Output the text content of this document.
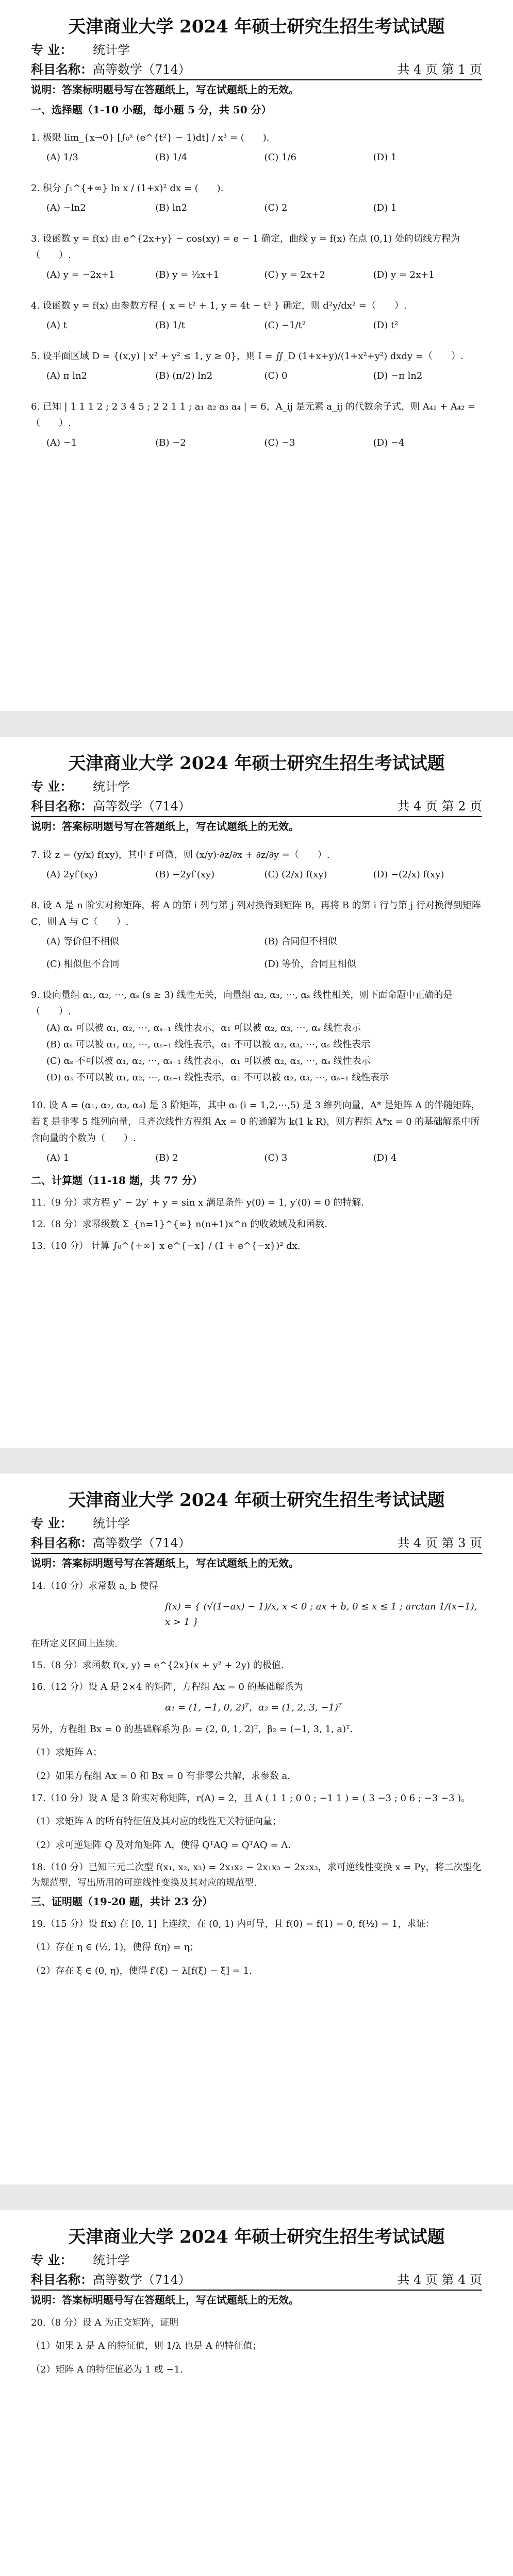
天津商业大学 2024 年硕士研究生招生考试试题
专 业：	统计学
科目名称： 高等数学（714）	共 4 页 第 1 页
说明：答案标明题号写在答题纸上，写在试题纸上的无效。
一、选择题（1-10 小题，每小题 5 分，共 50 分）
1. 极限 lim_{x→0} [∫₀ˣ (e^{t²} − 1)dt] / x³ = (　　).
(A) 1/3	(B) 1/4	(C) 1/6	(D) 1
2. 积分 ∫₁^{+∞} ln x / (1+x)² dx = (　　).
(A) −ln2	(B) ln2	(C) 2	(D) 1
3. 设函数 y = f(x) 由 e^{2x+y} − cos(xy) = e − 1 确定，曲线 y = f(x) 在点 (0,1) 处的切线方程为（　　）.
(A) y = −2x+1	(B) y = ½x+1	(C) y = 2x+2	(D) y = 2x+1
4. 设函数 y = f(x) 由参数方程 { x = t² + 1, y = 4t − t² } 确定，则 d²y/dx² =（　　）.
(A) t	(B) 1/t	(C) −1/t²	(D) t²
5. 设平面区域 D = {(x,y) | x² + y² ≤ 1, y ≥ 0}，则 I = ∬_D (1+x+y)/(1+x²+y²) dxdy =（　　）.
(A) π ln2	(B) (π/2) ln2	(C) 0	(D) −π ln2
6. 已知 | 1 1 1 2 ; 2 3 4 5 ; 2 2 1 1 ; a₁ a₂ a₃ a₄ | = 6，A_ij 是元素 a_ij 的代数余子式，则 A₄₁ + A₄₂ =（　　）.
(A) −1	(B) −2	(C) −3	(D) −4
天津商业大学 2024 年硕士研究生招生考试试题
专 业：	统计学
科目名称： 高等数学（714）	共 4 页 第 2 页
说明：答案标明题号写在答题纸上，写在试题纸上的无效。
7. 设 z = (y/x) f(xy)，其中 f 可微，则 (x/y)·∂z/∂x + ∂z/∂y =（　　）.
(A) 2yf′(xy)	(B) −2yf′(xy)	(C) (2/x) f(xy)	(D) −(2/x) f(xy)
8. 设 A 是 n 阶实对称矩阵，将 A 的第 i 列与第 j 列对换得到矩阵 B，再将 B 的第 i 行与第 j 行对换得到矩阵 C，则 A 与 C（　　）.
(A) 等价但不相似	(B) 合同但不相似
(C) 相似但不合同	(D) 等价，合同且相似
9. 设向量组 α₁, α₂, ⋯, αₛ (s ≥ 3) 线性无关，向量组 α₂, α₃, ⋯, αₛ 线性相关，则下面命题中正确的是（　　）.
(A) αₛ 可以被 α₁, α₂, ⋯, αₛ₋₁ 线性表示，α₁ 可以被 α₂, α₃, ⋯, αₛ 线性表示
(B) αₛ 可以被 α₁, α₂, ⋯, αₛ₋₁ 线性表示，α₁ 不可以被 α₂, α₃, ⋯, αₛ 线性表示
(C) αₛ 不可以被 α₁, α₂, ⋯, αₛ₋₁ 线性表示，α₁ 可以被 α₂, α₃, ⋯, αₛ 线性表示
(D) αₛ 不可以被 α₁, α₂, ⋯, αₛ₋₁ 线性表示，α₁ 不可以被 α₂, α₃, ⋯, αₛ₋₁ 线性表示
10. 设 A = (α₁, α₂, α₃, α₄) 是 3 阶矩阵，其中 αᵢ (i = 1,2,⋯,5) 是 3 维列向量，A* 是矩阵 A 的伴随矩阵，若 ξ 是非零 5 维列向量，且齐次线性方程组 Ax = 0 的通解为 k(1 k R)，则方程组 A*x = 0 的基础解系中所含向量的个数为（　　）.
(A) 1	(B) 2	(C) 3	(D) 4
二、计算题（11-18 题，共 77 分）
11.（9 分）求方程 y″ − 2y′ + y = sin x 满足条件 y(0) = 1, y′(0) = 0 的特解.
12.（8 分）求幂级数 Σ_{n=1}^{∞} n(n+1)x^n 的收敛域及和函数.
13.（10 分） 计算 ∫₀^{+∞} x e^{−x} / (1 + e^{−x})² dx.
天津商业大学 2024 年硕士研究生招生考试试题
专 业：	统计学
科目名称： 高等数学（714）	共 4 页 第 3 页
说明：答案标明题号写在答题纸上，写在试题纸上的无效。
14.（10 分）求常数 a, b 使得
f(x) = { (√(1−ax) − 1)/x, x < 0 ; ax + b, 0 ≤ x ≤ 1 ; arctan 1/(x−1), x > 1 }
在所定义区间上连续.
15.（8 分）求函数 f(x, y) = e^{2x}(x + y² + 2y) 的极值.
16.（12 分）设 A 是 2×4 的矩阵，方程组 Ax = 0 的基础解系为
α₁ = (1, −1, 0, 2)ᵀ，α₂ = (1, 2, 3, −1)ᵀ
另外，方程组 Bx = 0 的基础解系为 β₁ = (2, 0, 1, 2)ᵀ，β₂ = (−1, 3, 1, a)ᵀ.
（1）求矩阵 A；
（2）如果方程组 Ax = 0 和 Bx = 0 有非零公共解，求参数 a.
17.（10 分）设 A 是 3 阶实对称矩阵，r(A) = 2，且 A ( 1 1 ; 0 0 ; −1 1 ) = ( 3 −3 ; 0 6 ; −3 −3 )。
（1）求矩阵 A 的所有特征值及其对应的线性无关特征向量；
（2）求可逆矩阵 Q 及对角矩阵 Λ，使得 QᵀAQ = QᵀAQ = Λ.
18.（10 分）已知三元二次型 f(x₁, x₂, x₃) = 2x₁x₂ − 2x₁x₃ − 2x₂x₃，求可逆线性变换 x = Py，将二次型化为规范型，写出所用的可逆线性变换及其对应的规范型.
三、证明题（19-20 题，共计 23 分）
19.（15 分）设 f(x) 在 [0, 1] 上连续，在 (0, 1) 内可导，且 f(0) = f(1) = 0, f(½) = 1，求证：
（1）存在 η ∈ (½, 1)，使得 f(η) = η；
（2）存在 ξ ∈ (0, η)，使得 f′(ξ) − λ[f(ξ) − ξ] = 1.
天津商业大学 2024 年硕士研究生招生考试试题
专 业：	统计学
科目名称： 高等数学（714）	共 4 页 第 4 页
说明：答案标明题号写在答题纸上，写在试题纸上的无效。
20.（8 分）设 A 为正交矩阵，证明
（1）如果 λ 是 A 的特征值，则 1/λ 也是 A 的特征值；
（2）矩阵 A 的特征值必为 1 或 −1.
